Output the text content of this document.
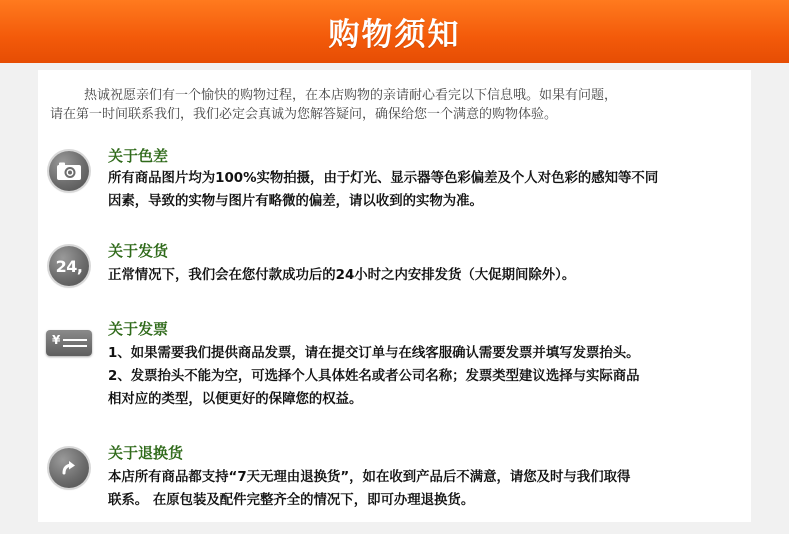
购物须知

热诚祝愿亲们有一个愉快的购物过程，在本店购物的亲请耐心看完以下信息哦。如果有问题，

请在第一时间联系我们，我们必定会真诚为您解答疑问，确保给您一个满意的购物体验。

关于色差

所有商品图片均为100%实物拍摄，由于灯光、显示器等色彩偏差及个人对色彩的感知等不同

因素，导致的实物与图片有略微的偏差，请以收到的实物为准。

24,
关于发货

正常情况下，我们会在您付款成功后的24小时之内安排发货（大促期间除外）。

¥
关于发票

1、如果需要我们提供商品发票，请在提交订单与在线客服确认需要发票并填写发票抬头。

2、发票抬头不能为空，可选择个人具体姓名或者公司名称；发票类型建议选择与实际商品

相对应的类型，以便更好的保障您的权益。

关于退换货

本店所有商品都支持“7天无理由退换货”，如在收到产品后不满意，请您及时与我们取得

联系。 在原包装及配件完整齐全的情况下，即可办理退换货。
